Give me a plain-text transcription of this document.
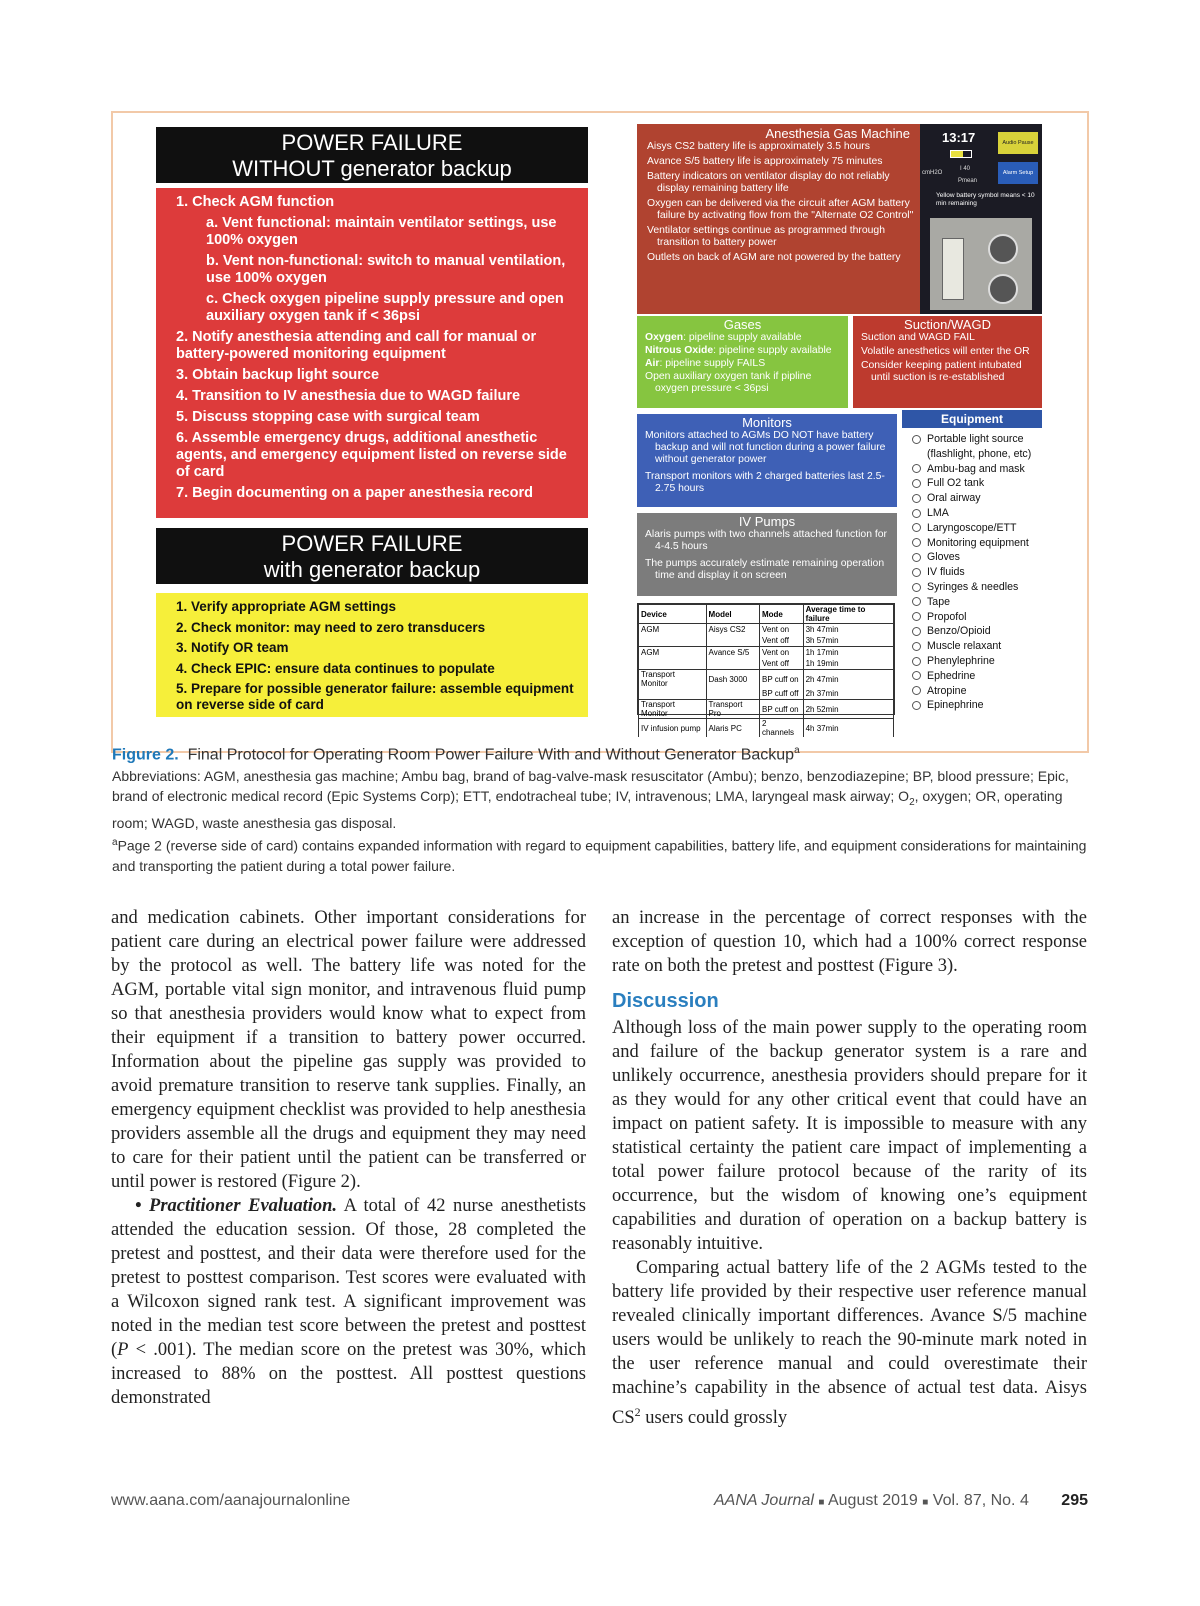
POWER FAILURE
WITHOUT generator backup
1. Check AGM function
a. Vent functional: maintain ventilator settings, use 100% oxygen
b. Vent non-functional: switch to manual ventilation, use 100% oxygen
c. Check oxygen pipeline supply pressure and open auxiliary oxygen tank if < 36psi
2. Notify anesthesia attending and call for manual or battery-powered monitoring equipment
3. Obtain backup light source
4. Transition to IV anesthesia due to WAGD failure
5. Discuss stopping case with surgical team
6. Assemble emergency drugs, additional anesthetic agents, and emergency equipment listed on reverse side of card
7. Begin documenting on a paper anesthesia record
POWER FAILURE
with generator backup
1. Verify appropriate AGM settings
2. Check monitor: may need to zero transducers
3. Notify OR team
4. Check EPIC: ensure data continues to populate
5. Prepare for possible generator failure: assemble equipment on reverse side of card
Anesthesia Gas Machine
Aisys CS2 battery life is approximately 3.5 hours
Avance S/5 battery life is approximately 75 minutes
Battery indicators on ventilator display do not reliably display remaining battery life
Oxygen can be delivered via the circuit after AGM battery failure by activating flow from the "Alternate O2 Control"
Ventilator settings continue as programmed through transition to battery power
Outlets on back of AGM are not powered by the battery
13:17	Audio Pause
Alarm Setup
cmH2O
I 40
Pmean
Yellow battery symbol means < 10 min remaining
Gases
Oxygen: pipeline supply available
Nitrous Oxide: pipeline supply available
Air: pipeline supply FAILS
Open auxiliary oxygen tank if pipline oxygen pressure < 36psi
Suction/WAGD
Suction and WAGD FAIL
Volatile anesthetics will enter the OR
Consider keeping patient intubated until suction is re-established
Monitors
Monitors attached to AGMs DO NOT have battery backup and will not function during a power failure without generator power
Transport monitors with 2 charged batteries last 2.5-2.75 hours
IV Pumps
Alaris pumps with two channels attached function for 4-4.5 hours
The pumps accurately estimate remaining operation time and display it on screen
Device	Model	Mode	Average time to failure
AGM	Aisys CS2	Vent on	3h 47min
		Vent off	3h 57min
AGM	Avance S/5	Vent on	1h 17min
		Vent off	1h 19min
Transport Monitor	Dash 3000	BP cuff on	2h 47min
		BP cuff off	2h 37min
Transport Monitor	Transport Pro	BP cuff on	2h 52min
IV infusion pump	Alaris PC	2 channels	4h 37min
Equipment
Portable light source
(flashlight, phone, etc)
Ambu-bag and mask
Full O2 tank
Oral airway
LMA
Laryngoscope/ETT
Monitoring equipment
Gloves
IV fluids
Syringes & needles
Tape
Propofol
Benzo/Opioid
Muscle relaxant
Phenylephrine
Ephedrine
Atropine
Epinephrine

Figure 2. Final Protocol for Operating Room Power Failure With and Without Generator Backup$^a$

Abbreviations: AGM, anesthesia gas machine; Ambu bag, brand of bag-valve-mask resuscitator (Ambu); benzo, benzodiazepine; BP, blood pressure; Epic, brand of electronic medical record (Epic Systems Corp); ETT, endotracheal tube; IV, intravenous; LMA, laryngeal mask airway; $O_2$, oxygen; OR, operating room; WAGD, waste anesthesia gas disposal.

$^a$Page 2 (reverse side of card) contains expanded information with regard to equipment capabilities, battery life, and equipment considerations for maintaining and transporting the patient during a total power failure.

and medication cabinets. Other important considerations for patient care during an electrical power failure were addressed by the protocol as well. The battery life was noted for the AGM, portable vital sign monitor, and intravenous fluid pump so that anesthesia providers would know what to expect from their equipment if a transition to battery power occurred. Information about the pipeline gas supply was provided to avoid premature transition to reserve tank supplies. Finally, an emergency equipment checklist was provided to help anesthesia providers assemble all the drugs and equipment they may need to care for their patient until the patient can be transferred or until power is restored (Figure 2).

• Practitioner Evaluation. A total of 42 nurse anesthetists attended the education session. Of those, 28 completed the pretest and posttest, and their data were therefore used for the pretest to posttest comparison. Test scores were evaluated with a Wilcoxon signed rank test. A significant improvement was noted in the median test score between the pretest and posttest (P < .001). The median score on the pretest was 30%, which increased to 88% on the posttest. All posttest questions demonstrated

an increase in the percentage of correct responses with the exception of question 10, which had a 100% correct response rate on both the pretest and posttest (Figure 3).

Discussion

Although loss of the main power supply to the operating room and failure of the backup generator system is a rare and unlikely occurrence, anesthesia providers should prepare for it as they would for any other critical event that could have an impact on patient safety. It is impossible to measure with any statistical certainty the patient care impact of implementing a total power failure protocol because of the rarity of its occurrence, but the wisdom of knowing one’s equipment capabilities and duration of operation on a backup battery is reasonably intuitive.

Comparing actual battery life of the 2 AGMs tested to the battery life provided by their respective user reference manual revealed clinically important differences. Avance S/5 machine users would be unlikely to reach the 90-minute mark noted in the user reference manual and could overestimate their machine’s capability in the absence of actual test data. Aisys $CS^2$ users could grossly

www.aana.com/aanajournalonline	AANA Journal ■ August 2019 ■ Vol. 87, No. 4 295
